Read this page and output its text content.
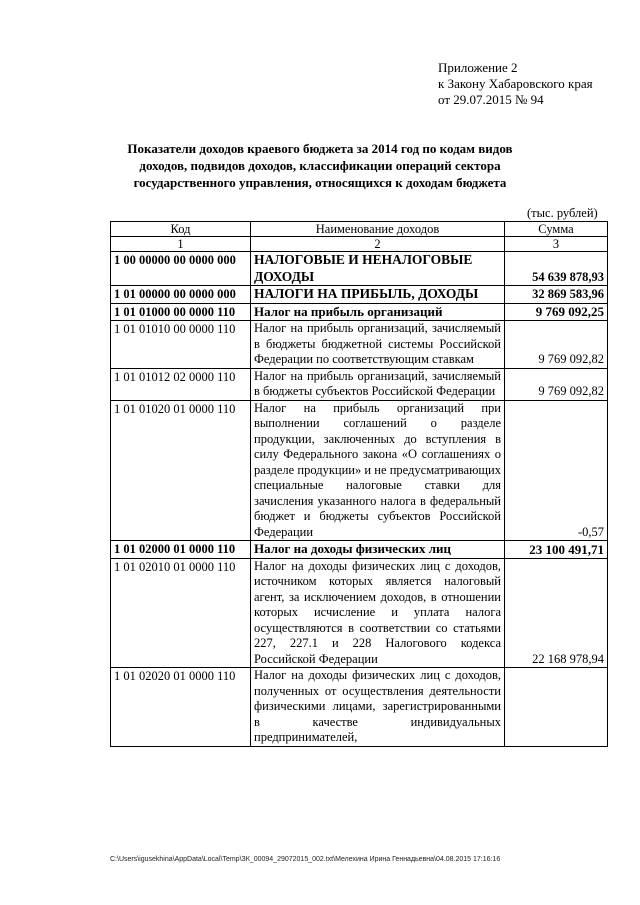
Приложение 2
к Закону Хабаровского края
от 29.07.2015 № 94
Показатели доходов краевого бюджета за 2014 год по кодам видов доходов, подвидов доходов, классификации операций сектора государственного управления, относящихся к доходам бюджета
(тыс. рублей)
Код	Наименование доходов	Сумма
1	2	3
1 00 00000 00 0000 000	НАЛОГОВЫЕ И НЕНАЛОГОВЫЕ ДОХОДЫ	54 639 878,93
1 01 00000 00 0000 000	НАЛОГИ НА ПРИБЫЛЬ, ДОХОДЫ	32 869 583,96
1 01 01000 00 0000 110	Налог на прибыль организаций	9 769 092,25
1 01 01010 00 0000 110	Налог на прибыль организаций, зачисляемый в бюджеты бюджетной системы Российской Федерации по соответствующим ставкам	9 769 092,82
1 01 01012 02 0000 110	Налог на прибыль организаций, зачисляемый в бюджеты субъектов Российской Федерации	9 769 092,82
1 01 01020 01 0000 110	Налог на прибыль организаций при выполнении соглашений о разделе продукции, заключенных до вступления в силу Федерального закона «О соглашениях о разделе продукции» и не предусматривающих специальные налоговые ставки для зачисления указанного налога в федеральный бюджет и бюджеты субъектов Российской Федерации	-0,57
1 01 02000 01 0000 110	Налог на доходы физических лиц	23 100 491,71
1 01 02010 01 0000 110	Налог на доходы физических лиц с доходов, источником которых является налоговый агент, за исключением доходов, в отношении которых исчисление и уплата налога осуществляются в соответствии со статьями 227, 227.1 и 228 Налогового кодекса Российской Федерации	22 168 978,94
1 01 02020 01 0000 110	Налог на доходы физических лиц с доходов, полученных от осуществления деятельности физическими лицами, зарегистрированными в качестве индивидуальных предпринимателей,	
C:\Users\igusekhina\AppData\Local\Temp\ЗК_00094_29072015_002.txt\Мелехина Ирина Геннадьевна\04.08.2015 17:16:16
